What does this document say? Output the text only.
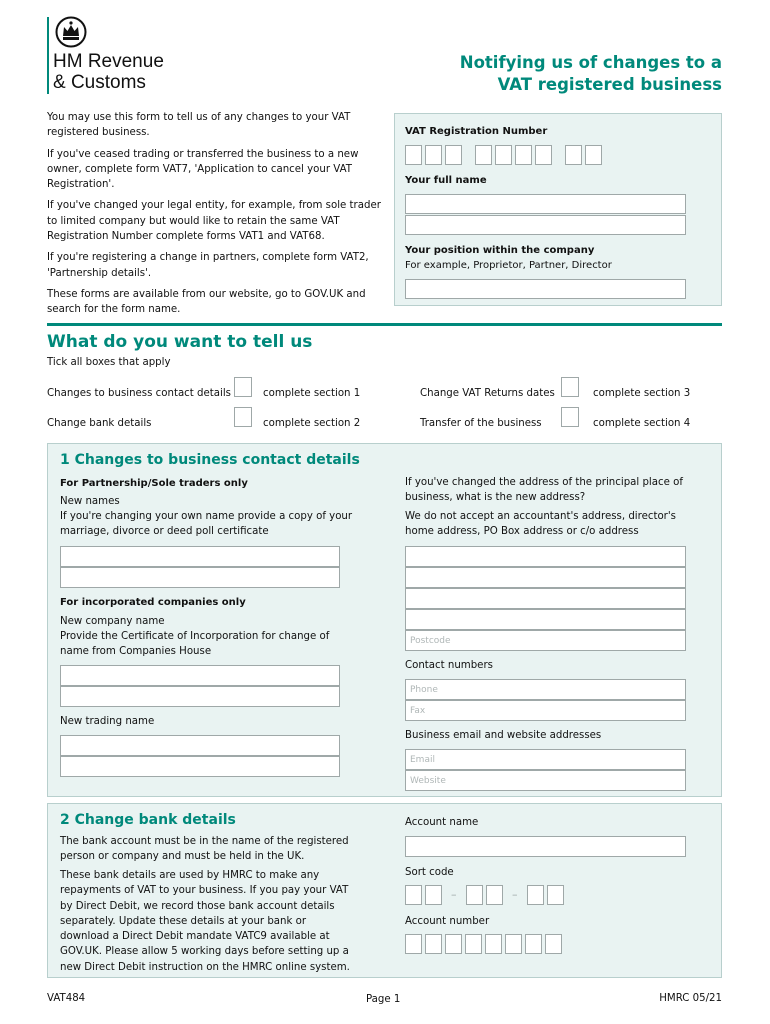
HM Revenue
& Customs
Notifying us of changes to a
VAT registered business

You may use this form to tell us of any changes to your VAT registered business.

If you've ceased trading or transferred the business to a new owner, complete form VAT7, 'Application to cancel your VAT Registration'.

If you've changed your legal entity, for example, from sole trader to limited company but would like to retain the same VAT Registration Number complete forms VAT1 and VAT68.

If you're registering a change in partners, complete form VAT2, 'Partnership details'.

These forms are available from our website, go to GOV.UK and search for the form name.

VAT Registration Number
Your full name
Your position within the company
For example, Proprietor, Partner, Director
What do you want to tell us
Tick all boxes that apply
Changes to business contact details	complete section 1
Change bank details	complete section 2
Change VAT Returns dates	complete section 3
Transfer of the business	complete section 4
1 Changes to business contact details
For Partnership/Sole traders only
New names
If you're changing your own name provide a copy of your marriage, divorce or deed poll certificate
For incorporated companies only
New company name
Provide the Certificate of Incorporation for change of name from Companies House
New trading name
If you've changed the address of the principal place of business, what is the new address?
We do not accept an accountant's address, director's home address, PO Box address or c/o address
Postcode
Contact numbers
Phone
Fax
Business email and website addresses
Email
Website
2 Change bank details
The bank account must be in the name of the registered person or company and must be held in the UK.
These bank details are used by HMRC to make any repayments of VAT to your business. If you pay your VAT by Direct Debit, we record those bank account details separately. Update these details at your bank or download a Direct Debit mandate VATC9 available at GOV.UK. Please allow 5 working days before setting up a new Direct Debit instruction on the HMRC online system.
Account name
Sort code
–	–
Account number
VAT484	Page 1	HMRC 05/21
